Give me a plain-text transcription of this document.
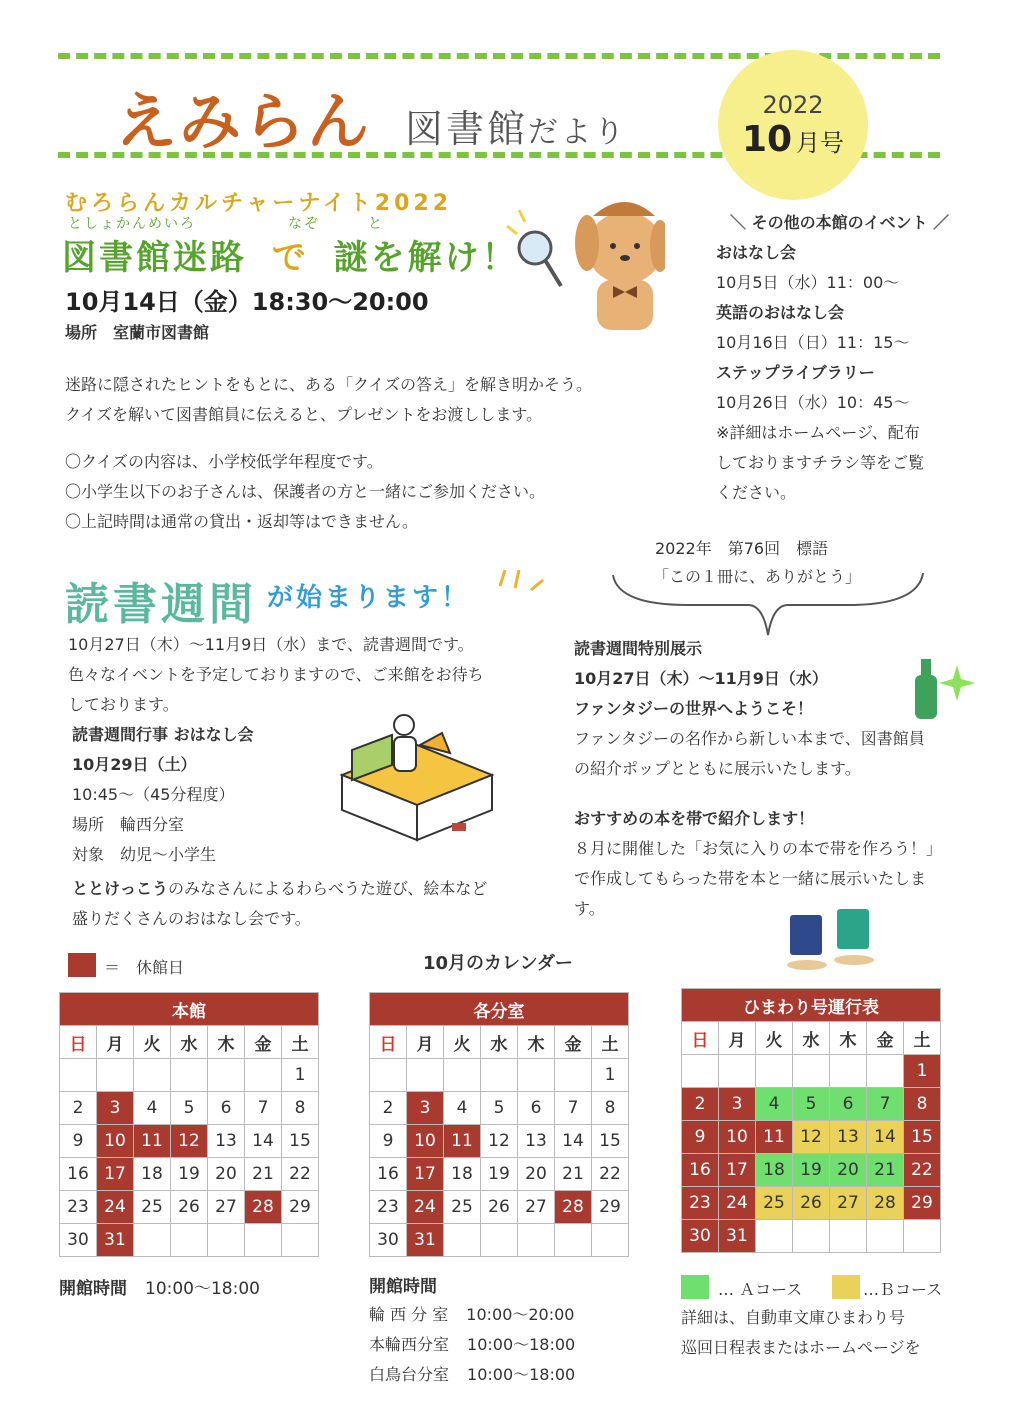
えみらん 図書館だより
2022
10 月号
むろらんカルチャーナイト2022
としょかんめいろ	なぞ	と
図書館迷路 で 謎を解け！
10月14日（金）18:30〜20:00
場所　室蘭市図書館
迷路に隠されたヒントをもとに、ある「クイズの答え」を解き明かそう。
クイズを解いて図書館員に伝えると、プレゼントをお渡しします。
〇クイズの内容は、小学校低学年程度です。
〇小学生以下のお子さんは、保護者の方と一緒にご参加ください。
〇上記時間は通常の貸出・返却等はできません。
＼ その他の本館のイベント ／
おはなし会
10月5日（水）11：00〜
英語のおはなし会
10月16日（日）11：15〜
ステップライブラリー
10月26日（水）10：45〜
※詳細はホームページ、配布
しておりますチラシ等をご覧
ください。
2022年　第76回　標語
「この１冊に、ありがとう」
読書週間 が始まります！
10月27日（木）〜11月9日（水）まで、読書週間です。
色々なイベントを予定しておりますので、ご来館をお待ち
しております。
読書週間行事 おはなし会
10月29日（土）
10:45〜（45分程度）
場所　輪西分室
対象　幼児〜小学生
ととけっこうのみなさんによるわらべうた遊び、絵本など
盛りだくさんのおはなし会です。
読書週間特別展示
10月27日（木）〜11月9日（水）
ファンタジーの世界へようこそ！
ファンタジーの名作から新しい本まで、図書館員
の紹介ポップとともに展示いたします。
おすすめの本を帯で紹介します！
８月に開催した「お気に入りの本で帯を作ろう！」
で作成してもらった帯を本と一緒に展示いたしま
す。
＝　休館日	10月のカレンダー
本館						
日	月	火	水	木	金	土
						1
2	3	4	5	6	7	8
9	10	11	12	13	14	15
16	17	18	19	20	21	22
23	24	25	26	27	28	29
30	31					
各分室						
日	月	火	水	木	金	土
						1
2	3	4	5	6	7	8
9	10	11	12	13	14	15
16	17	18	19	20	21	22
23	24	25	26	27	28	29
30	31					
ひまわり号運行表						
日	月	火	水	木	金	土
						1
2	3	4	5	6	7	8
9	10	11	12	13	14	15
16	17	18	19	20	21	22
23	24	25	26	27	28	29
30	31					
開館時間 10:00〜18:00	開館時間
輪 西 分 室 10:00〜20:00
本輪西分室 10:00〜18:00
白鳥台分室 10:00〜18:00
… Ａコース	…Ｂコース
詳細は、自動車文庫ひまわり号
巡回日程表またはホームページを
